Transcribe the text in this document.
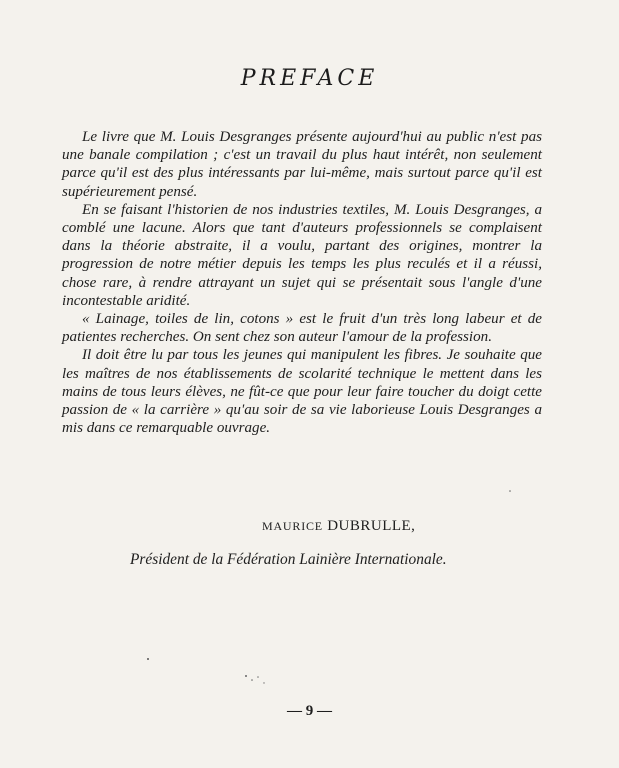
PREFACE

Le livre que M. Louis Desgranges présente aujourd'hui au public n'est pas une banale compilation ; c'est un travail du plus haut intérêt, non seulement parce qu'il est des plus intéressants par lui-même, mais surtout parce qu'il est supérieurement pensé.

En se faisant l'historien de nos industries textiles, M. Louis Desgranges, a comblé une lacune. Alors que tant d'auteurs professionnels se complaisent dans la théorie abstraite, il a voulu, partant des origines, montrer la progression de notre métier depuis les temps les plus reculés et il a réussi, chose rare, à rendre attrayant un sujet qui se présentait sous l'angle d'une incontestable aridité.

« Lainage, toiles de lin, cotons » est le fruit d'un très long labeur et de patientes recherches. On sent chez son auteur l'amour de la profession.

Il doit être lu par tous les jeunes qui manipulent les fibres. Je souhaite que les maîtres de nos établissements de scolarité technique le mettent dans les mains de tous leurs élèves, ne fût-ce que pour leur faire toucher du doigt cette passion de « la carrière » qu'au soir de sa vie laborieuse Louis Desgranges a mis dans ce remarquable ouvrage.

MAURICE DUBRULLE,
Président de la Fédération Lainière Internationale.
— 9 —
